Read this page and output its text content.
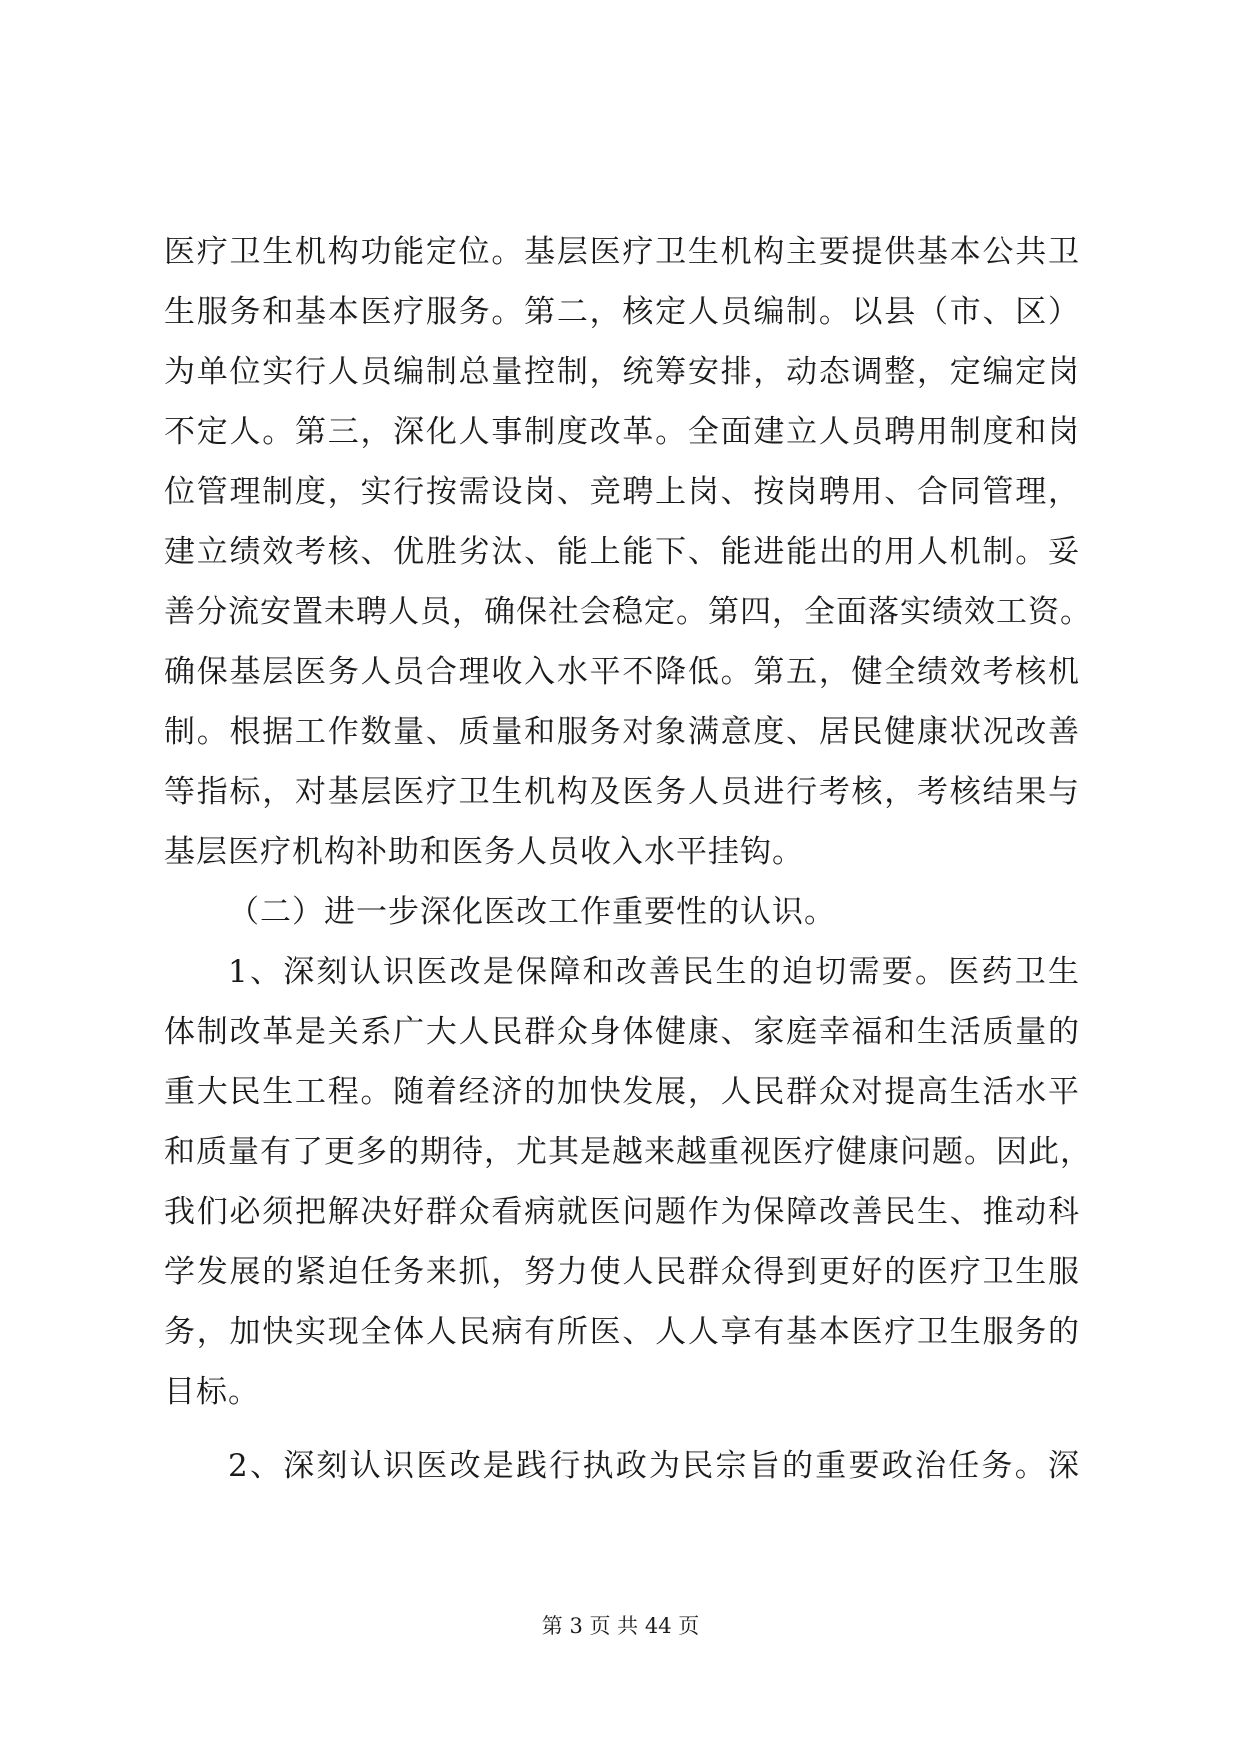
医疗卫生机构功能定位。基层医疗卫生机构主要提供基本公共卫
生服务和基本医疗服务。第二，核定人员编制。以县（市、区）
为单位实行人员编制总量控制，统筹安排，动态调整，定编定岗
不定人。第三，深化人事制度改革。全面建立人员聘用制度和岗
位管理制度，实行按需设岗、竞聘上岗、按岗聘用、合同管理，
建立绩效考核、优胜劣汰、能上能下、能进能出的用人机制。妥
善分流安置未聘人员，确保社会稳定。第四，全面落实绩效工资。
确保基层医务人员合理收入水平不降低。第五，健全绩效考核机
制。根据工作数量、质量和服务对象满意度、居民健康状况改善
等指标，对基层医疗卫生机构及医务人员进行考核，考核结果与
基层医疗机构补助和医务人员收入水平挂钩。
（二）进一步深化医改工作重要性的认识。
1、深刻认识医改是保障和改善民生的迫切需要。医药卫生
体制改革是关系广大人民群众身体健康、家庭幸福和生活质量的
重大民生工程。随着经济的加快发展，人民群众对提高生活水平
和质量有了更多的期待，尤其是越来越重视医疗健康问题。因此，
我们必须把解决好群众看病就医问题作为保障改善民生、推动科
学发展的紧迫任务来抓，努力使人民群众得到更好的医疗卫生服
务，加快实现全体人民病有所医、人人享有基本医疗卫生服务的
目标。
2、深刻认识医改是践行执政为民宗旨的重要政治任务。深
第 3 页 共 44 页
